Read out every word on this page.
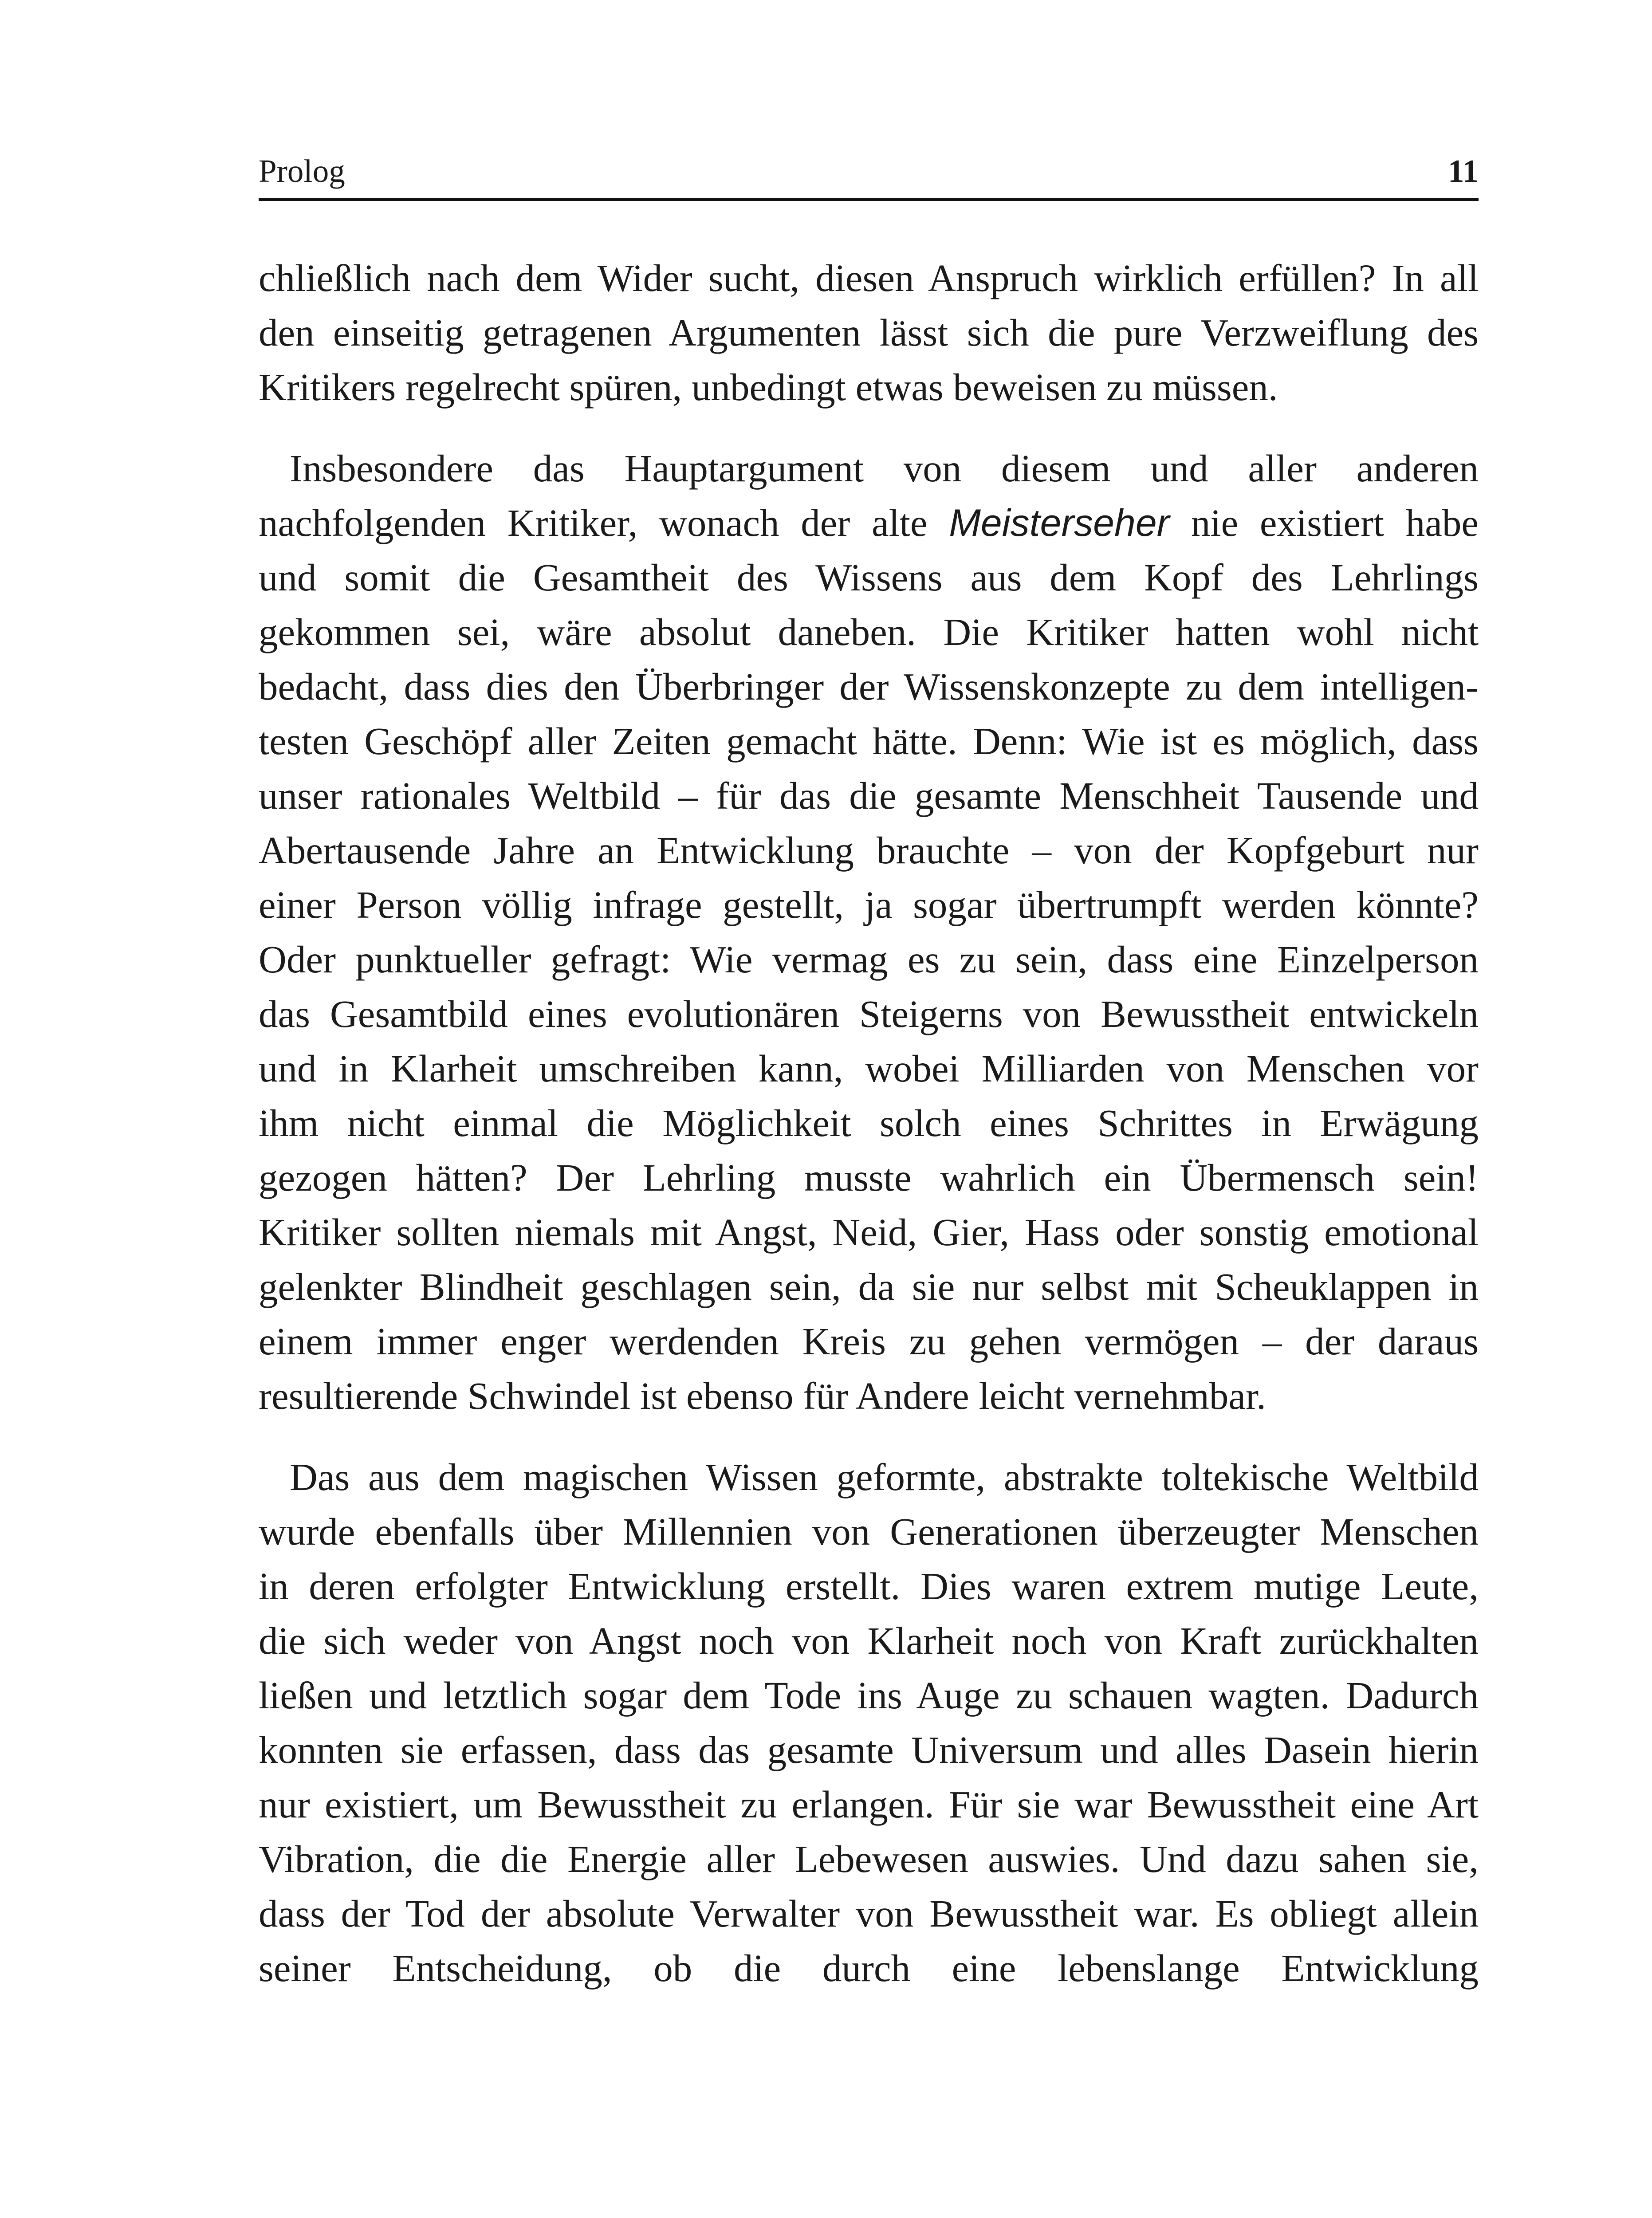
Prolog	11

chließlich nach dem Wider sucht, diesen Anspruch wirklich erfüllen? In all
den einseitig getragenen Argumenten lässt sich die pure Verzweiflung des
Kritikers regelrecht spüren, unbedingt etwas beweisen zu müssen.

Insbesondere das Hauptargument von diesem und aller anderen
nachfolgenden Kritiker, wonach der alte Meisterseher nie existiert habe
und somit die Gesamtheit des Wissens aus dem Kopf des Lehrlings
gekommen sei, wäre absolut daneben. Die Kritiker hatten wohl nicht
bedacht, dass dies den Überbringer der Wissenskonzepte zu dem intelligen-
testen Geschöpf aller Zeiten gemacht hätte. Denn: Wie ist es möglich, dass
unser rationales Weltbild – für das die gesamte Menschheit Tausende und
Abertausende Jahre an Entwicklung brauchte – von der Kopfgeburt nur
einer Person völlig infrage gestellt, ja sogar übertrumpft werden könnte?
Oder punktueller gefragt: Wie vermag es zu sein, dass eine Einzelperson
das Gesamtbild eines evolutionären Steigerns von Bewusstheit entwickeln
und in Klarheit umschreiben kann, wobei Milliarden von Menschen vor
ihm nicht einmal die Möglichkeit solch eines Schrittes in Erwägung
gezogen hätten? Der Lehrling musste wahrlich ein Übermensch sein!
Kritiker sollten niemals mit Angst, Neid, Gier, Hass oder sonstig emotional
gelenkter Blindheit geschlagen sein, da sie nur selbst mit Scheuklappen in
einem immer enger werdenden Kreis zu gehen vermögen – der daraus
resultierende Schwindel ist ebenso für Andere leicht vernehmbar.

Das aus dem magischen Wissen geformte, abstrakte toltekische Weltbild
wurde ebenfalls über Millennien von Generationen überzeugter Menschen
in deren erfolgter Entwicklung erstellt. Dies waren extrem mutige Leute,
die sich weder von Angst noch von Klarheit noch von Kraft zurückhalten
ließen und letztlich sogar dem Tode ins Auge zu schauen wagten. Dadurch
konnten sie erfassen, dass das gesamte Universum und alles Dasein hierin
nur existiert, um Bewusstheit zu erlangen. Für sie war Bewusstheit eine Art
Vibration, die die Energie aller Lebewesen auswies. Und dazu sahen sie,
dass der Tod der absolute Verwalter von Bewusstheit war. Es obliegt allein
seiner Entscheidung, ob die durch eine lebenslange Entwicklung
